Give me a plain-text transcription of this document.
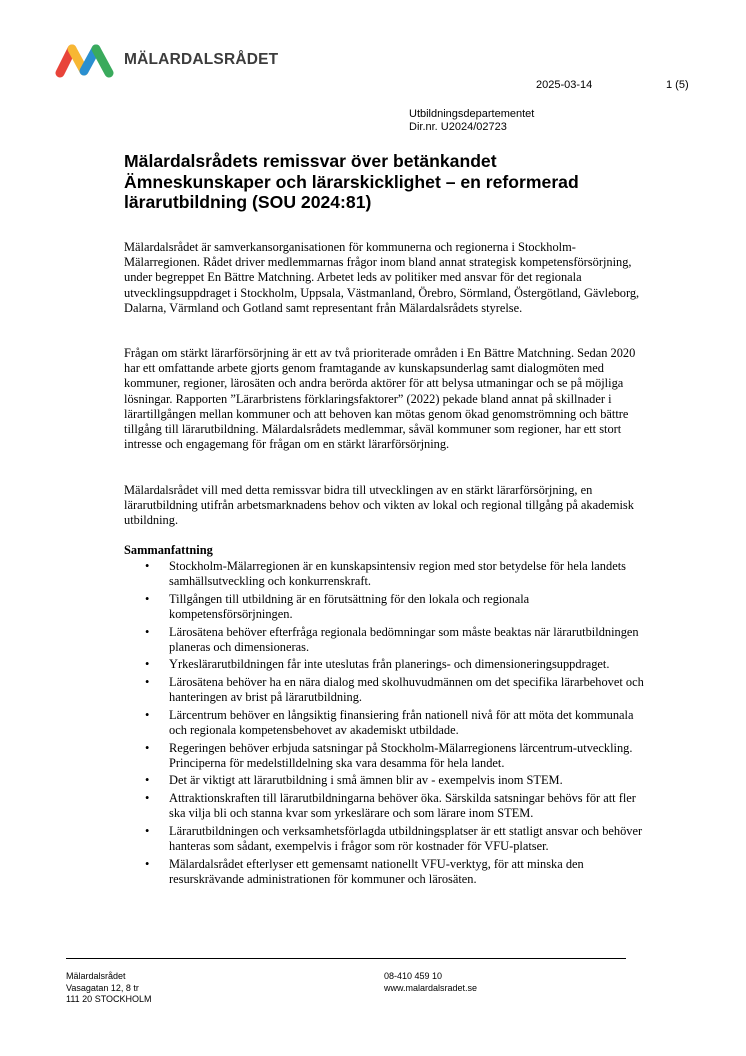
MÄLARDALSRÅDET
2025-03-14	1 (5)
Utbildningsdepartementet
Dir.nr. U2024/02723
Mälardalsrådets remissvar över betänkandet Ämneskunskaper och lärarskicklighet – en reformerad lärarutbildning (SOU 2024:81)

Mälardalsrådet är samverkansorganisationen för kommunerna och regionerna i Stockholm-Mälarregionen. Rådet driver medlemmarnas frågor inom bland annat strategisk kompetensförsörjning, under begreppet En Bättre Matchning. Arbetet leds av politiker med ansvar för det regionala utvecklingsuppdraget i Stockholm, Uppsala, Västmanland, Örebro, Sörmland, Östergötland, Gävleborg, Dalarna, Värmland och Gotland samt representant från Mälardalsrådets styrelse.

Frågan om stärkt lärarförsörjning är ett av två prioriterade områden i En Bättre Matchning. Sedan 2020 har ett omfattande arbete gjorts genom framtagande av kunskapsunderlag samt dialogmöten med kommuner, regioner, lärosäten och andra berörda aktörer för att belysa utmaningar och se på möjliga lösningar. Rapporten ”Lärarbristens förklaringsfaktorer” (2022) pekade bland annat på skillnader i lärartillgången mellan kommuner och att behoven kan mötas genom ökad genomströmning och bättre tillgång till lärarutbildning. Mälardalsrådets medlemmar, såväl kommuner som regioner, har ett stort intresse och engagemang för frågan om en stärkt lärarförsörjning.

Mälardalsrådet vill med detta remissvar bidra till utvecklingen av en stärkt lärarförsörjning, en lärarutbildning utifrån arbetsmarknadens behov och vikten av lokal och regional tillgång på akademisk utbildning.

Sammanfattning
• Stockholm-Mälarregionen är en kunskapsintensiv region med stor betydelse för hela landets samhällsutveckling och konkurrenskraft.
• Tillgången till utbildning är en förutsättning för den lokala och regionala kompetensförsörjningen.
• Lärosätena behöver efterfråga regionala bedömningar som måste beaktas när lärarutbildningen planeras och dimensioneras.
• Yrkeslärarutbildningen får inte uteslutas från planerings- och dimensioneringsuppdraget.
• Lärosätena behöver ha en nära dialog med skolhuvudmännen om det specifika lärarbehovet och hanteringen av brist på lärarutbildning.
• Lärcentrum behöver en långsiktig finansiering från nationell nivå för att möta det kommunala och regionala kompetensbehovet av akademiskt utbildade.
• Regeringen behöver erbjuda satsningar på Stockholm-Mälarregionens lärcentrum-utveckling. Principerna för medelstilldelning ska vara desamma för hela landet.
• Det är viktigt att lärarutbildning i små ämnen blir av - exempelvis inom STEM.
• Attraktionskraften till lärarutbildningarna behöver öka. Särskilda satsningar behövs för att fler ska vilja bli och stanna kvar som yrkeslärare och som lärare inom STEM.
• Lärarutbildningen och verksamhetsförlagda utbildningsplatser är ett statligt ansvar och behöver hanteras som sådant, exempelvis i frågor som rör kostnader för VFU-platser.
• Mälardalsrådet efterlyser ett gemensamt nationellt VFU-verktyg, för att minska den resurskrävande administrationen för kommuner och lärosäten.
Mälardalsrådet
Vasagatan 12, 8 tr
111 20 STOCKHOLM
08-410 459 10
www.malardalsradet.se
